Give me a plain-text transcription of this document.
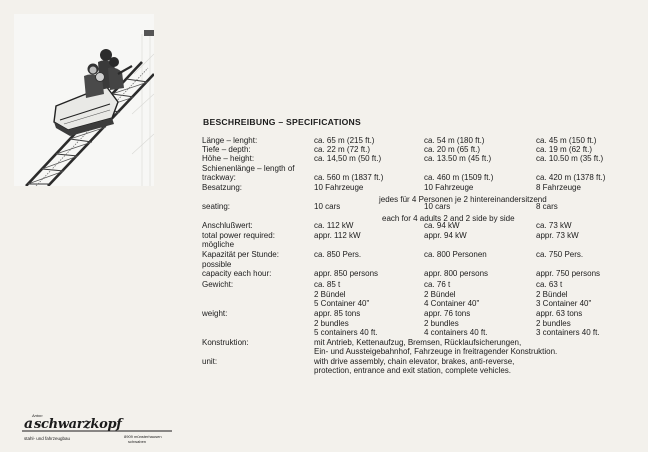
BESCHREIBUNG – SPECIFICATIONS
Länge – lenght:	ca. 65 m (215 ft.)	ca. 54 m (180 ft.)	ca. 45 m (150 ft.)
Tiefe – depth:	ca. 22 m (72 ft.)	ca. 20 m (65 ft.)	ca. 19 m (62 ft.)
Höhe – height:	ca. 14,50 m (50 ft.)	ca. 13.50 m (45 ft.)	ca. 10.50 m (35 ft.)
Schienenlänge – length of
trackway:	ca. 560 m (1837 ft.)	ca. 460 m (1509 ft.)	ca. 420 m (1378 ft.)
Besatzung:	10 Fahrzeuge	10 Fahrzeuge	8 Fahrzeuge
seating:	10 cars	10 cars	8 cars
Anschlußwert:	ca. 112 kW	ca. 94 kW	ca. 73 kW
total power required:	appr. 112 kW	appr. 94 kW	appr. 73 kW
mögliche
Kapazität per Stunde:	ca. 850 Pers.	ca. 800 Personen	ca. 750 Pers.
possible
capacity each hour:	appr. 850 persons	appr. 800 persons	appr. 750 persons
Gewicht:	ca. 85 t	ca. 76 t	ca. 63 t
2 Bündel	2 Bündel	2 Bündel
5 Container 40"	4 Container 40"	3 Container 40"
weight:	appr. 85 tons	appr. 76 tons	appr. 63 tons
2 bundles	2 bundles	2 bundles
5 containers 40 ft.	4 containers 40 ft.	3 containers 40 ft.
Konstruktion:	mit Antrieb, Kettenaufzug, Bremsen, Rücklaufsicherungen,
Ein- und Aussteigebahnhof, Fahrzeuge in freitragender Konstruktion.
unit:	with drive assembly, chain elevator, brakes, anti-reverse,
protection, entrance and exit station, complete vehicles.
jedes für 4 Personen je 2 hintereinandersitzend
each for 4 adults 2 and 2 side by side
a
Anton
schwarzkopf
stahl- und fahrzeugbau	8909 münsterhausen
schwaben
